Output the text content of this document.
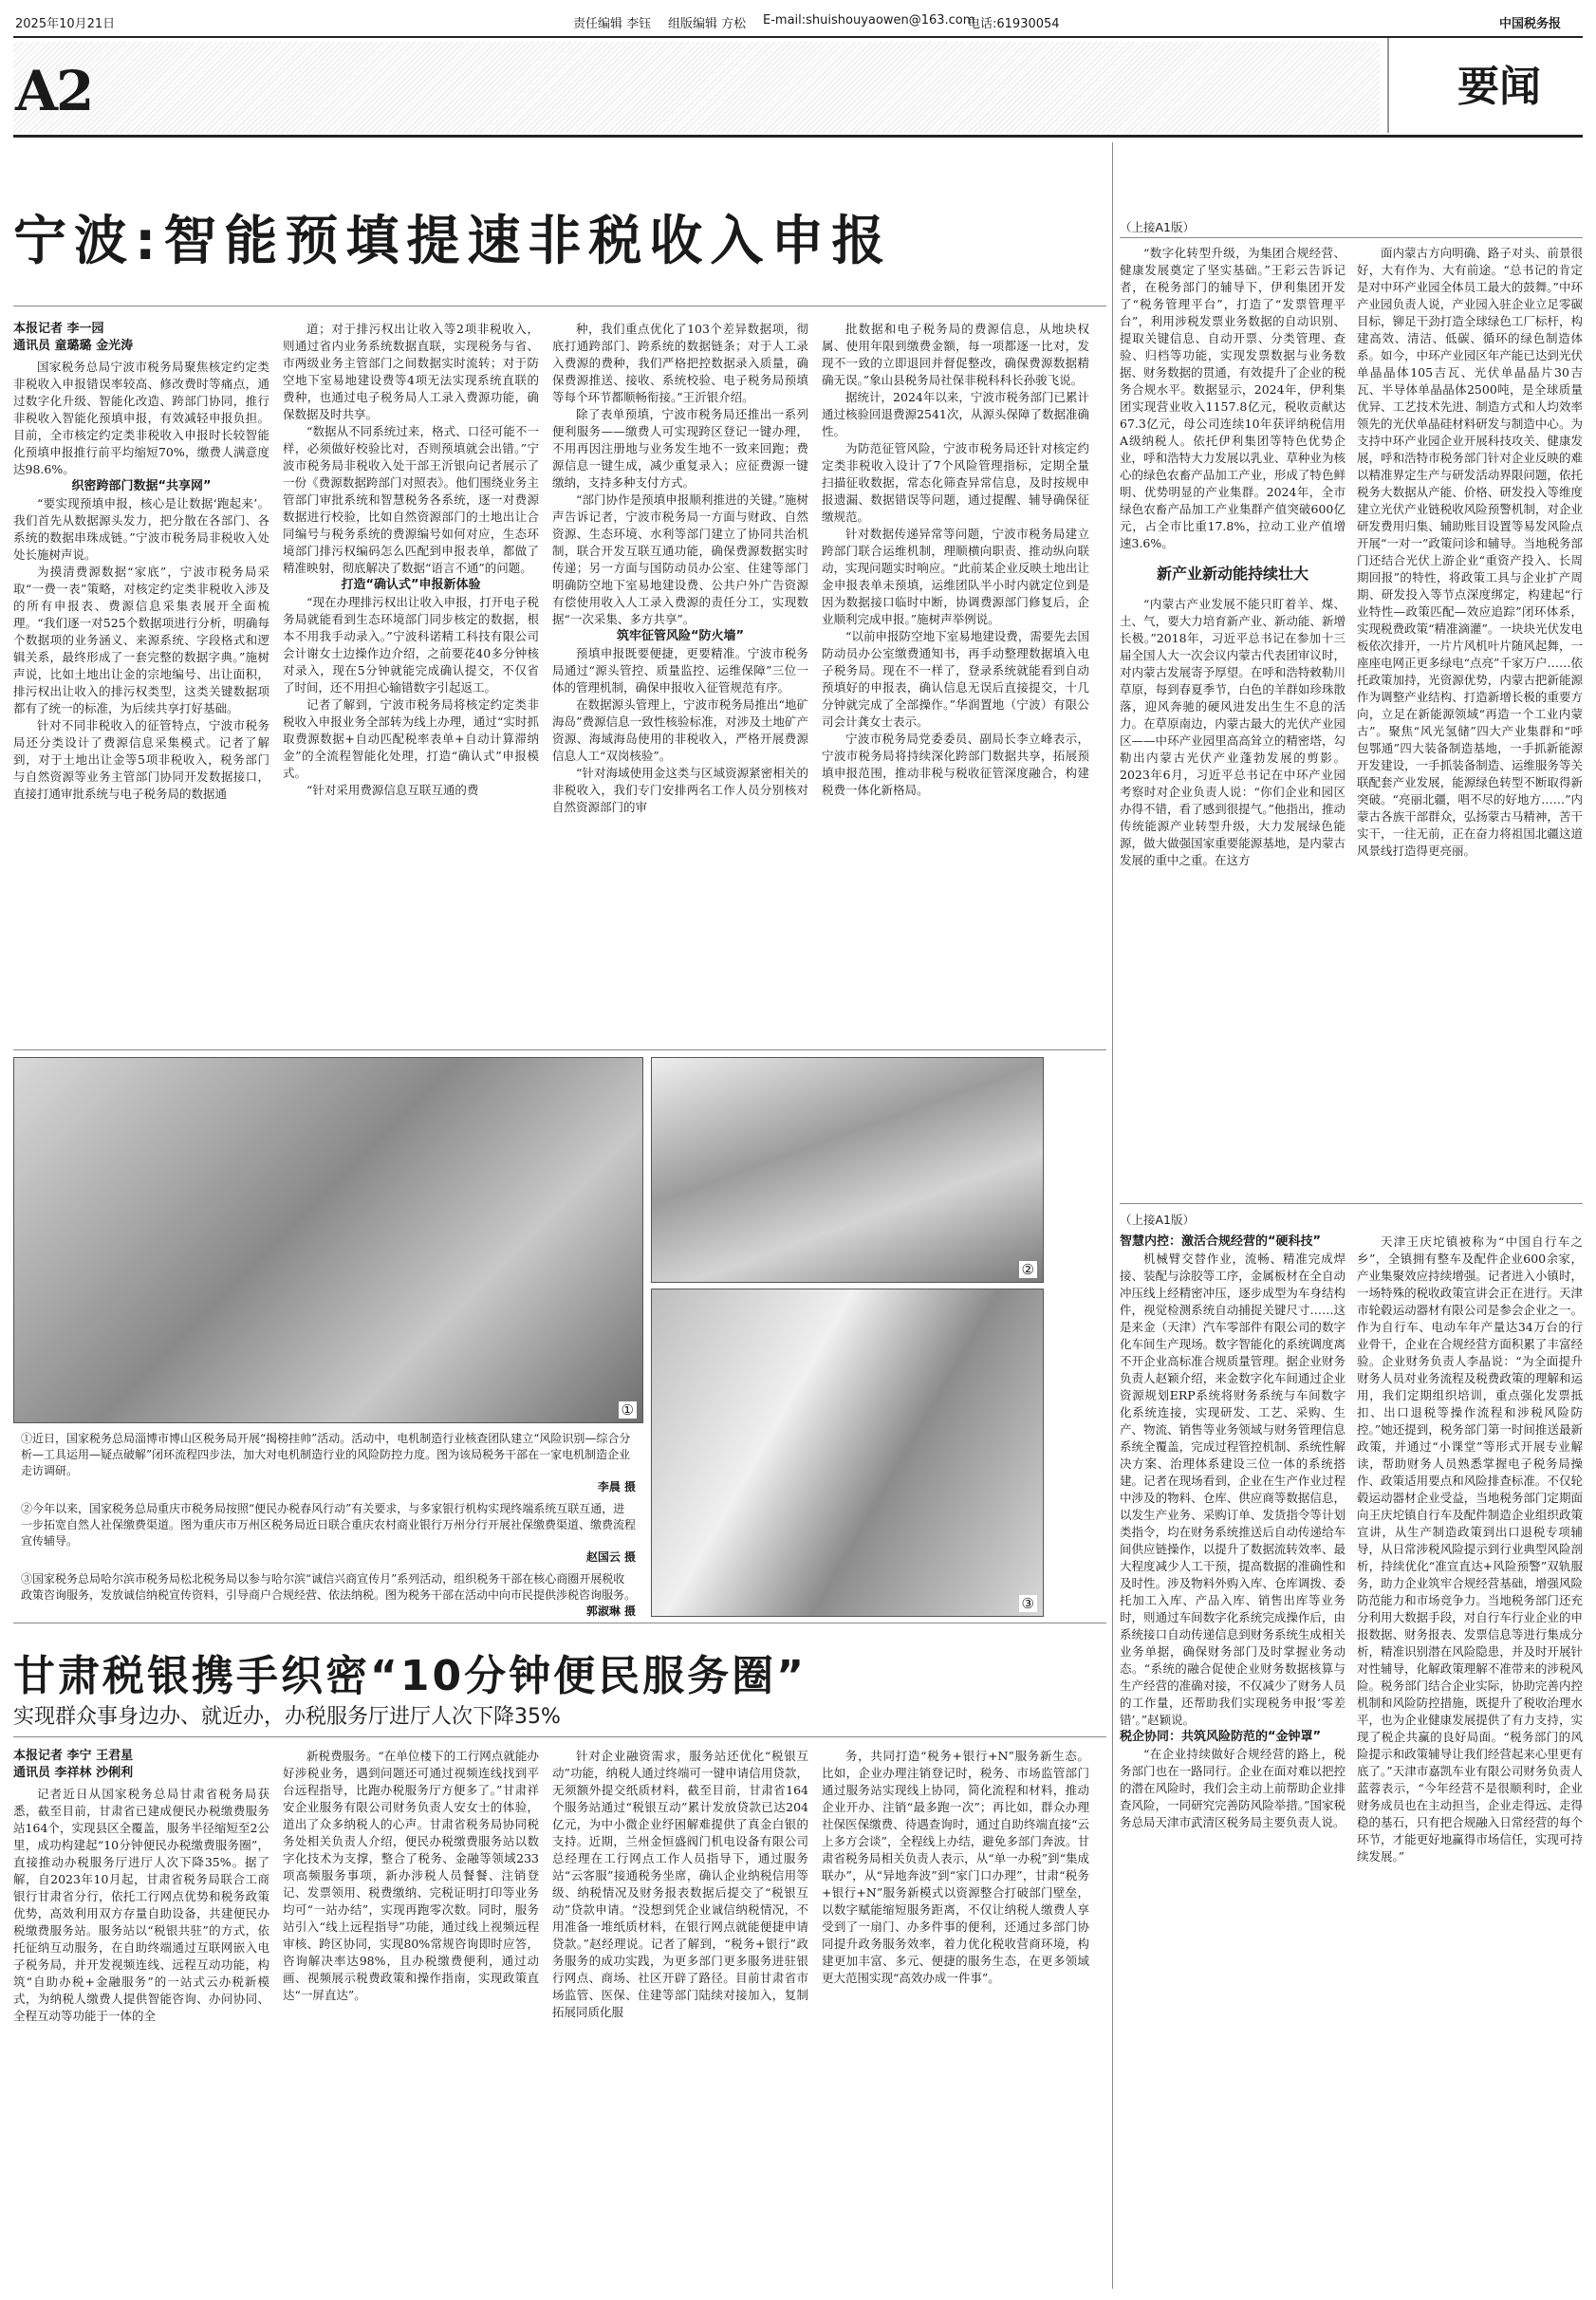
2025年10月21日	责任编辑 李钰 组版编辑 方松 E-mail:shuishouyaowen@163.com
电话:61930054	中国税务报
A2	要闻
宁波:智能预填提速非税收入申报
本报记者 李一园
通讯员 童璐璐 金光涛

国家税务总局宁波市税务局聚焦核定约定类非税收入申报错误率较高、修改费时等痛点，通过数字化升级、智能化改造、跨部门协同，推行非税收入智能化预填申报，有效减轻申报负担。目前，全市核定约定类非税收入申报时长较智能化预填申报推行前平均缩短70%，缴费人满意度达98.6%。

织密跨部门数据“共享网”

“要实现预填申报，核心是让数据‘跑起来’。我们首先从数据源头发力，把分散在各部门、各系统的数据串珠成链。”宁波市税务局非税收入处处长施树声说。

为摸清费源数据“家底”，宁波市税务局采取“一费一表”策略，对核定约定类非税收入涉及的所有申报表、费源信息采集表展开全面梳理。“我们逐一对525个数据项进行分析，明确每个数据项的业务涵义、来源系统、字段格式和逻辑关系，最终形成了一套完整的数据字典。”施树声说，比如土地出让金的宗地编号、出让面积，排污权出让收入的排污权类型，这类关键数据项都有了统一的标准，为后续共享打好基础。

针对不同非税收入的征管特点，宁波市税务局还分类设计了费源信息采集模式。记者了解到，对于土地出让金等5项非税收入，税务部门与自然资源等业务主管部门协同开发数据接口，直接打通审批系统与电子税务局的数据通

道；对于排污权出让收入等2项非税收入，则通过省内业务系统数据直联，实现税务与省、市两级业务主管部门之间数据实时流转；对于防空地下室易地建设费等4项无法实现系统直联的费种，也通过电子税务局人工录入费源功能，确保数据及时共享。

“数据从不同系统过来，格式、口径可能不一样，必须做好校验比对，否则预填就会出错。”宁波市税务局非税收入处干部王沂银向记者展示了一份《费源数据跨部门对照表》。他们围绕业务主管部门审批系统和智慧税务各系统，逐一对费源数据进行校验，比如自然资源部门的土地出让合同编号与税务系统的费源编号如何对应，生态环境部门排污权编码怎么匹配到申报表单，都做了精准映射，彻底解决了数据“语言不通”的问题。

打造“确认式”申报新体验

“现在办理排污权出让收入申报，打开电子税务局就能看到生态环境部门同步核定的数据，根本不用我手动录入。”宁波科诺精工科技有限公司会计谢女士边操作边介绍，之前要花40多分钟核对录入，现在5分钟就能完成确认提交，不仅省了时间，还不用担心输错数字引起返工。

记者了解到，宁波市税务局将核定约定类非税收入申报业务全部转为线上办理，通过“实时抓取费源数据+自动匹配税率表单+自动计算滞纳金”的全流程智能化处理，打造“确认式”申报模式。

“针对采用费源信息互联互通的费

种，我们重点优化了103个差异数据项，彻底打通跨部门、跨系统的数据链条；对于人工录入费源的费种，我们严格把控数据录入质量，确保费源推送、接收、系统校验、电子税务局预填等每个环节都顺畅衔接。”王沂银介绍。

除了表单预填，宁波市税务局还推出一系列便利服务——缴费人可实现跨区登记一键办理，不用再因注册地与业务发生地不一致来回跑；费源信息一键生成，减少重复录入；应征费源一键缴纳，支持多种支付方式。

“部门协作是预填申报顺利推进的关键。”施树声告诉记者，宁波市税务局一方面与财政、自然资源、生态环境、水利等部门建立了协同共治机制，联合开发互联互通功能，确保费源数据实时传递；另一方面与国防动员办公室、住建等部门明确防空地下室易地建设费、公共户外广告资源有偿使用收入人工录入费源的责任分工，实现数据“一次采集、多方共享”。

筑牢征管风险“防火墙”

预填申报既要便捷，更要精准。宁波市税务局通过“源头管控、质量监控、运维保障”三位一体的管理机制，确保申报收入征管规范有序。

在数据源头管理上，宁波市税务局推出“地矿海岛”费源信息一致性核验标准，对涉及土地矿产资源、海域海岛使用的非税收入，严格开展费源信息人工“双岗核验”。

“针对海域使用金这类与区域资源紧密相关的非税收入，我们专门安排两名工作人员分别核对自然资源部门的审

批数据和电子税务局的费源信息，从地块权属、使用年限到缴费金额，每一项都逐一比对，发现不一致的立即退回并督促整改，确保费源数据精确无误。”象山县税务局社保非税科科长孙骏飞说。

据统计，2024年以来，宁波市税务部门已累计通过核验回退费源2541次，从源头保障了数据准确性。

为防范征管风险，宁波市税务局还针对核定约定类非税收入设计了7个风险管理指标，定期全量扫描征收数据，常态化筛查异常信息，及时按规申报遗漏、数据错误等问题，通过提醒、辅导确保征缴规范。

针对数据传递异常等问题，宁波市税务局建立跨部门联合运维机制，理顺横向职责、推动纵向联动，实现问题实时响应。“此前某企业反映土地出让金申报表单未预填，运维团队半小时内就定位到是因为数据接口临时中断，协调费源部门修复后，企业顺利完成申报。”施树声举例说。

“以前申报防空地下室易地建设费，需要先去国防动员办公室缴费通知书，再手动整理数据填入电子税务局。现在不一样了，登录系统就能看到自动预填好的申报表，确认信息无误后直接提交，十几分钟就完成了全部操作。”华润置地（宁波）有限公司会计龚女士表示。

宁波市税务局党委委员、副局长李立峰表示，宁波市税务局将持续深化跨部门数据共享，拓展预填申报范围，推动非税与税收征管深度融合，构建税费一体化新格局。

①
②
③

①近日，国家税务总局淄博市博山区税务局开展“揭榜挂帅”活动。活动中，电机制造行业核查团队建立“风险识别—综合分析—工具运用—疑点破解”闭环流程四步法，加大对电机制造行业的风险防控力度。图为该局税务干部在一家电机制造企业走访调研。

李晨 摄

②今年以来，国家税务总局重庆市税务局按照“便民办税春风行动”有关要求，与多家银行机构实现终端系统互联互通，进一步拓宽自然人社保缴费渠道。图为重庆市万州区税务局近日联合重庆农村商业银行万州分行开展社保缴费渠道、缴费流程宣传辅导。

赵国云 摄

③国家税务总局哈尔滨市税务局松北税务局以参与哈尔滨“诚信兴商宣传月”系列活动，组织税务干部在核心商圈开展税收政策咨询服务，发放诚信纳税宣传资料，引导商户合规经营、依法纳税。图为税务干部在活动中向市民提供涉税咨询服务。

郭淑琳 摄

甘肃税银携手织密“10分钟便民服务圈”
实现群众事身边办、就近办，办税服务厅进厅人次下降35%
本报记者 李宁 王君星
通讯员 李祥林 沙俐利

记者近日从国家税务总局甘肃省税务局获悉，截至目前，甘肃省已建成便民办税缴费服务站164个，实现县区全覆盖，服务半径缩短至2公里，成功构建起“10分钟便民办税缴费服务圈”，直接推动办税服务厅进厅人次下降35%。据了解，自2023年10月起，甘肃省税务局联合工商银行甘肃省分行，依托工行网点优势和税务政策优势，高效利用双方存量自助设备，共建便民办税缴费服务站。服务站以“税银共驻”的方式，依托征纳互动服务，在自助终端通过互联网嵌入电子税务局，并开发视频连线、远程互动功能，构筑“自助办税+金融服务”的一站式云办税新模式，为纳税人缴费人提供智能咨询、办问协同、全程互动等功能于一体的全

新税费服务。“在单位楼下的工行网点就能办好涉税业务，遇到问题还可通过视频连线找到平台远程指导，比跑办税服务厅方便多了。”甘肃祥安企业服务有限公司财务负责人安女士的体验，道出了众多纳税人的心声。甘肃省税务局协同税务处相关负责人介绍，便民办税缴费服务站以数字化技术为支撑，整合了税务、金融等领域233项高频服务事项，新办涉税人员餐餐、注销登记、发票领用、税费缴纳、完税证明打印等业务均可“一站办结”，实现再跑零次数。同时，服务站引入“线上远程指导”功能，通过线上视频远程审核、跨区协同，实现80%常规咨询即时应答，咨询解决率达98%，且办税缴费便利，通过动画、视频展示税费政策和操作指南，实现政策直达“一屏直达”。

针对企业融资需求，服务站还优化“税银互动”功能，纳税人通过终端可一键申请信用贷款，无须额外提交纸质材料，截至目前，甘肃省164个服务站通过“税银互动”累计发放贷款已达204亿元，为中小微企业纾困解难提供了真金白银的支持。近期，兰州金恒盛阀门机电设备有限公司总经理在工行网点工作人员指导下，通过服务站“云客服”接通税务坐席，确认企业纳税信用等级、纳税情况及财务报表数据后提交了“税银互动”贷款申请。“没想到凭企业诚信纳税情况，不用准备一堆纸质材料，在银行网点就能便捷申请贷款。”赵经理说。记者了解到，“税务+银行”政务服务的成功实践，为更多部门更多服务进驻银行网点、商场、社区开辟了路径。目前甘肃省市场监管、医保、住建等部门陆续对接加入，复制拓展同质化服

务，共同打造“税务+银行+N”服务新生态。比如，企业办理注销登记时，税务、市场监管部门通过服务站实现线上协同，简化流程和材料，推动企业开办、注销“最多跑一次”；再比如，群众办理社保医保缴费、待遇查询时，通过自助终端直接“云上多方会谈”，全程线上办结，避免多部门奔波。甘肃省税务局相关负责人表示，从“单一办税”到“集成联办”，从“异地奔波”到“家门口办理”，甘肃“税务+银行+N”服务新模式以资源整合打破部门壁垒，以数字赋能缩短服务距离，不仅让纳税人缴费人享受到了一扇门、办多件事的便利，还通过多部门协同提升政务服务效率，着力优化税收营商环境，构建更加丰富、多元、便捷的服务生态，在更多领域更大范围实现“高效办成一件事”。

（上接A1版）

“数字化转型升级，为集团合规经营、健康发展奠定了坚实基础。”王彩云告诉记者，在税务部门的辅导下，伊利集团开发了“税务管理平台”，打造了“发票管理平台”，利用涉税发票业务数据的自动识别、提取关键信息、自动开票、分类管理、查验、归档等功能，实现发票数据与业务数据、财务数据的贯通，有效提升了企业的税务合规水平。数据显示，2024年，伊利集团实现营业收入1157.8亿元，税收贡献达67.3亿元，母公司连续10年获评纳税信用A级纳税人。依托伊利集团等特色优势企业，呼和浩特大力发展以乳业、草种业为核心的绿色农畜产品加工产业，形成了特色鲜明、优势明显的产业集群。2024年，全市绿色农畜产品加工产业集群产值突破600亿元，占全市比重17.8%，拉动工业产值增速3.6%。

新产业新动能持续壮大

“内蒙古产业发展不能只盯着羊、煤、土、气，要大力培育新产业、新动能、新增长极。”2018年，习近平总书记在参加十三届全国人大一次会议内蒙古代表团审议时，对内蒙古发展寄予厚望。在呼和浩特敕勒川草原，每到春夏季节，白色的羊群如珍珠散落，迎风奔驰的硬风进发出生生不息的活力。在草原南边，内蒙古最大的光伏产业园区——中环产业园里高高耸立的精密塔，勾勒出内蒙古光伏产业蓬勃发展的剪影。2023年6月，习近平总书记在中环产业园考察时对企业负责人说：“你们企业和园区办得不错，看了感到很提气。”他指出，推动传统能源产业转型升级，大力发展绿色能源，做大做强国家重要能源基地，是内蒙古发展的重中之重。在这方

面内蒙古方向明确、路子对头、前景很好，大有作为、大有前途。“总书记的肯定是对中环产业园全体员工最大的鼓舞。”中环产业园负责人说，产业园入驻企业立足零碳目标，铆足干劲打造全球绿色工厂标杆，构建高效、清洁、低碳、循环的绿色制造体系。如今，中环产业园区年产能已达到光伏单晶晶体105吉瓦、光伏单晶晶片30吉瓦、半导体单晶晶体2500吨，是全球质量优异、工艺技术先进、制造方式和人均效率领先的光伏单晶硅材料研发与制造中心。为支持中环产业园企业开展科技攻关、健康发展，呼和浩特市税务部门针对企业反映的难以精准界定生产与研发活动界限问题，依托税务大数据从产能、价格、研发投入等维度建立光伏产业链税收风险预警机制，对企业研发费用归集、辅助账目设置等易发风险点开展“一对一”政策问诊和辅导。当地税务部门还结合光伏上游企业“重资产投入、长周期回报”的特性，将政策工具与企业扩产周期、研发投入等节点深度绑定，构建起“行业特性—政策匹配—效应追踪”闭环体系，实现税费政策“精准滴灌”。一块块光伏发电板依次排开，一片片风机叶片随风起舞，一座座电网正更多绿电“点亮”千家万户……依托政策加持，光资源优势，内蒙古把新能源作为调整产业结构、打造新增长极的重要方向，立足在新能源领域“再造一个工业内蒙古”。聚焦“风光氢储”四大产业集群和“呼包鄂通”四大装备制造基地，一手抓新能源开发建设，一手抓装备制造、运维服务等关联配套产业发展，能源绿色转型不断取得新突破。“亮丽北疆，唱不尽的好地方……”内蒙古各族干部群众，弘扬蒙古马精神，苦干实干，一往无前，正在奋力将祖国北疆这道风景线打造得更亮丽。

（上接A1版）

智慧内控：激活合规经营的“硬科技”

机械臂交替作业，流畅、精准完成焊接、装配与涂胶等工序，金属板材在全自动冲压线上经精密冲压，逐步成型为车身结构件，视觉检测系统自动捕捉关键尺寸……这是来金（天津）汽车零部件有限公司的数字化车间生产现场。数字智能化的系统调度离不开企业高标准合规质量管理。据企业财务负责人赵颖介绍，来金数字化车间通过企业资源规划ERP系统将财务系统与车间数字化系统连接，实现研发、工艺、采购、生产、物流、销售等业务领域与财务管理信息系统全覆盖，完成过程管控机制、系统性解决方案、治理体系建设三位一体的系统搭建。记者在现场看到，企业在生产作业过程中涉及的物料、仓库、供应商等数据信息，以发生产业务、采购订单、发货指令等计划类指令，均在财务系统推送后自动传递给车间供应链操作，以提升了数据流转效率、最大程度减少人工干预，提高数据的准确性和及时性。涉及物料外购入库、仓库调拨、委托加工入库、产品入库、销售出库等业务时，则通过车间数字化系统完成操作后，由系统接口自动传递信息到财务系统生成相关业务单据，确保财务部门及时掌握业务动态。“系统的融合促使企业财务数据核算与生产经营的准确对接，不仅减少了财务人员的工作量，还帮助我们实现税务申报‘零差错’。”赵颖说。

税企协同：共筑风险防范的“金钟罩”

“在企业持续做好合规经营的路上，税务部门也在一路同行。企业在面对难以把控的潜在风险时，我们会主动上前帮助企业排查风险，一同研究完善防风险举措。”国家税务总局天津市武清区税务局主要负责人说。

天津王庆坨镇被称为“中国自行车之乡”，全镇拥有整车及配件企业600余家，产业集聚效应持续增强。记者进入小镇时，一场特殊的税收政策宣讲会正在进行。天津市轮毂运动器材有限公司是参会企业之一。作为自行车、电动车年产量达34万台的行业骨干，企业在合规经营方面积累了丰富经验。企业财务负责人李晶说：“为全面提升财务人员对业务流程及税费政策的理解和运用，我们定期组织培训，重点强化发票抵扣、出口退税等操作流程和涉税风险防控。”她还提到，税务部门第一时间推送最新政策，并通过“小课堂”等形式开展专业解读，帮助财务人员熟悉掌握电子税务局操作、政策适用要点和风险排查标准。不仅轮毂运动器材企业受益，当地税务部门定期面向王庆坨镇自行车及配件制造企业组织政策宣讲，从生产制造政策到出口退税专项辅导，从日常涉税风险提示到行业典型风险剖析，持续优化“准宣直达+风险预警”双轨服务，助力企业筑牢合规经营基础，增强风险防范能力和市场竞争力。当地税务部门还充分利用大数据手段，对自行车行业企业的申报数据、财务报表、发票信息等进行集成分析，精准识别潜在风险隐患，并及时开展针对性辅导，化解政策理解不准带来的涉税风险。税务部门结合企业实际，协助完善内控机制和风险防控措施，既提升了税收治理水平，也为企业健康发展提供了有力支持，实现了税企共赢的良好局面。“税务部门的风险提示和政策辅导让我们经营起来心里更有底了。”天津市嘉凯车业有限公司财务负责人蓝蓉表示，“今年经营不是很顺利时，企业财务成员也在主动担当，企业走得远、走得稳的基石，只有把合规融入日常经营的每个环节，才能更好地赢得市场信任，实现可持续发展。”
